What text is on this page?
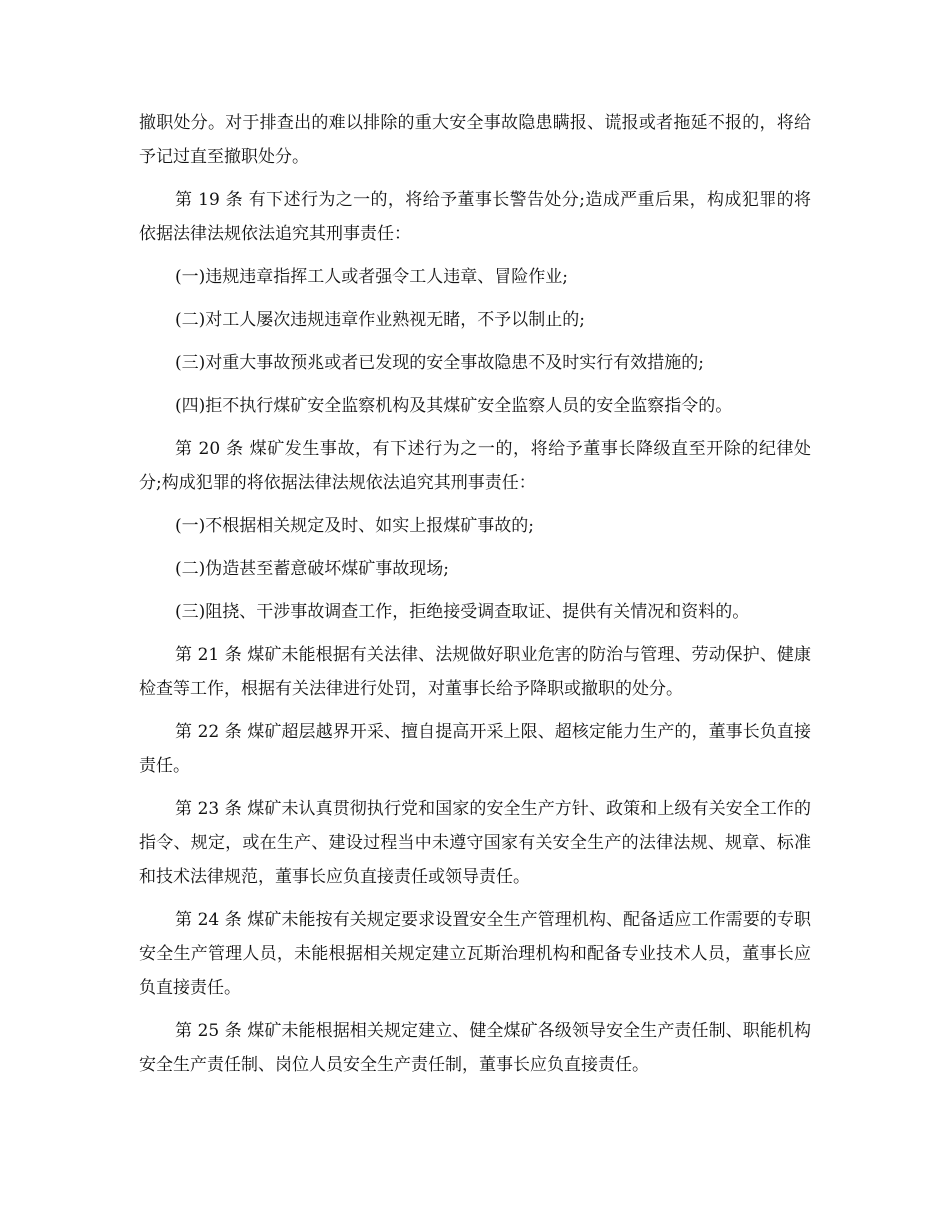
撤职处分。对于排查出的难以排除的重大安全事故隐患瞒报、谎报或者拖延不报的，将给予记过直至撤职处分。

第 19 条 有下述行为之一的，将给予董事长警告处分;造成严重后果，构成犯罪的将依据法律法规依法追究其刑事责任：

(一)违规违章指挥工人或者强令工人违章、冒险作业;

(二)对工人屡次违规违章作业熟视无睹，不予以制止的;

(三)对重大事故预兆或者已发现的安全事故隐患不及时实行有效措施的;

(四)拒不执行煤矿安全监察机构及其煤矿安全监察人员的安全监察指令的。

第 20 条 煤矿发生事故，有下述行为之一的，将给予董事长降级直至开除的纪律处分;构成犯罪的将依据法律法规依法追究其刑事责任：

(一)不根据相关规定及时、如实上报煤矿事故的;

(二)伪造甚至蓄意破坏煤矿事故现场;

(三)阻挠、干涉事故调查工作，拒绝接受调查取证、提供有关情况和资料的。

第 21 条 煤矿未能根据有关法律、法规做好职业危害的防治与管理、劳动保护、健康检查等工作，根据有关法律进行处罚，对董事长给予降职或撤职的处分。

第 22 条 煤矿超层越界开采、擅自提高开采上限、超核定能力生产的，董事长负直接责任。

第 23 条 煤矿未认真贯彻执行党和国家的安全生产方针、政策和上级有关安全工作的指令、规定，或在生产、建设过程当中未遵守国家有关安全生产的法律法规、规章、标准和技术法律规范，董事长应负直接责任或领导责任。

第 24 条 煤矿未能按有关规定要求设置安全生产管理机构、配备适应工作需要的专职安全生产管理人员，未能根据相关规定建立瓦斯治理机构和配备专业技术人员，董事长应负直接责任。

第 25 条 煤矿未能根据相关规定建立、健全煤矿各级领导安全生产责任制、职能机构安全生产责任制、岗位人员安全生产责任制，董事长应负直接责任。
